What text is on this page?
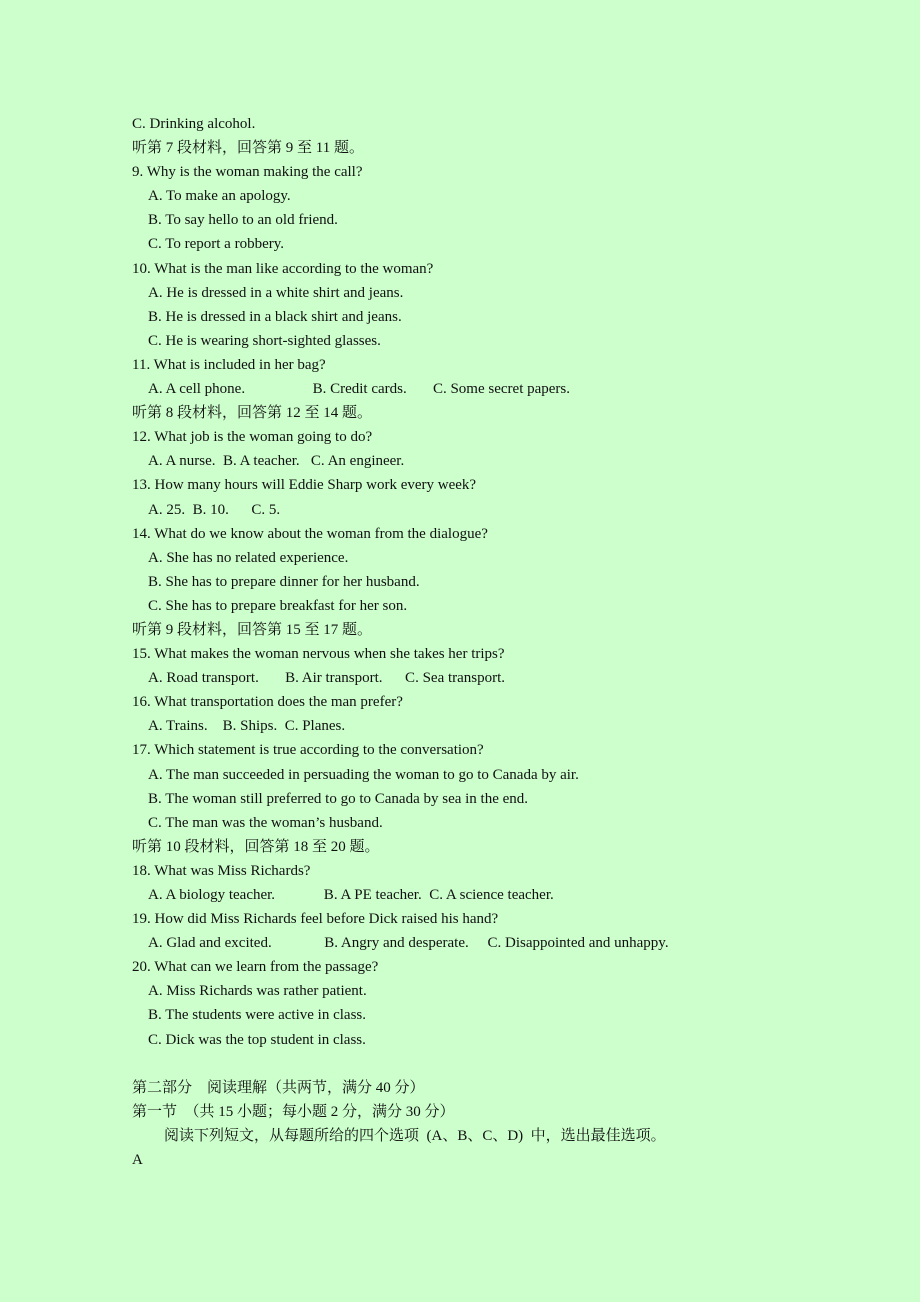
C. Drinking alcohol.
听第 7 段材料，回答第 9 至 11 题。
9. Why is the woman making the call?
A. To make an apology.
B. To say hello to an old friend.
C. To report a robbery.
10. What is the man like according to the woman?
A. He is dressed in a white shirt and jeans.
B. He is dressed in a black shirt and jeans.
C. He is wearing short-sighted glasses.
11. What is included in her bag?
A. A cell phone.                  B. Credit cards.       C. Some secret papers.
听第 8 段材料，回答第 12 至 14 题。
12. What job is the woman going to do?
A. A nurse.  B. A teacher.   C. An engineer.
13. How many hours will Eddie Sharp work every week?
A. 25.  B. 10.      C. 5.
14. What do we know about the woman from the dialogue?
A. She has no related experience.
B. She has to prepare dinner for her husband.
C. She has to prepare breakfast for her son.
听第 9 段材料，回答第 15 至 17 题。
15. What makes the woman nervous when she takes her trips?
A. Road transport.       B. Air transport.      C. Sea transport.
16. What transportation does the man prefer?
A. Trains.    B. Ships.  C. Planes.
17. Which statement is true according to the conversation?
A. The man succeeded in persuading the woman to go to Canada by air.
B. The woman still preferred to go to Canada by sea in the end.
C. The man was the woman’s husband.
听第 10 段材料，回答第 18 至 20 题。
18. What was Miss Richards?
A. A biology teacher.             B. A PE teacher.  C. A science teacher.
19. How did Miss Richards feel before Dick raised his hand?
A. Glad and excited.              B. Angry and desperate.     C. Disappointed and unhappy.
20. What can we learn from the passage?
A. Miss Richards was rather patient.
B. The students were active in class.
C. Dick was the top student in class.
第二部分    阅读理解（共两节，满分 40 分）
第一节  （共 15 小题；每小题 2 分，满分 30 分）
阅读下列短文，从每题所给的四个选项  (A、B、C、D)  中，选出最佳选项。
A
